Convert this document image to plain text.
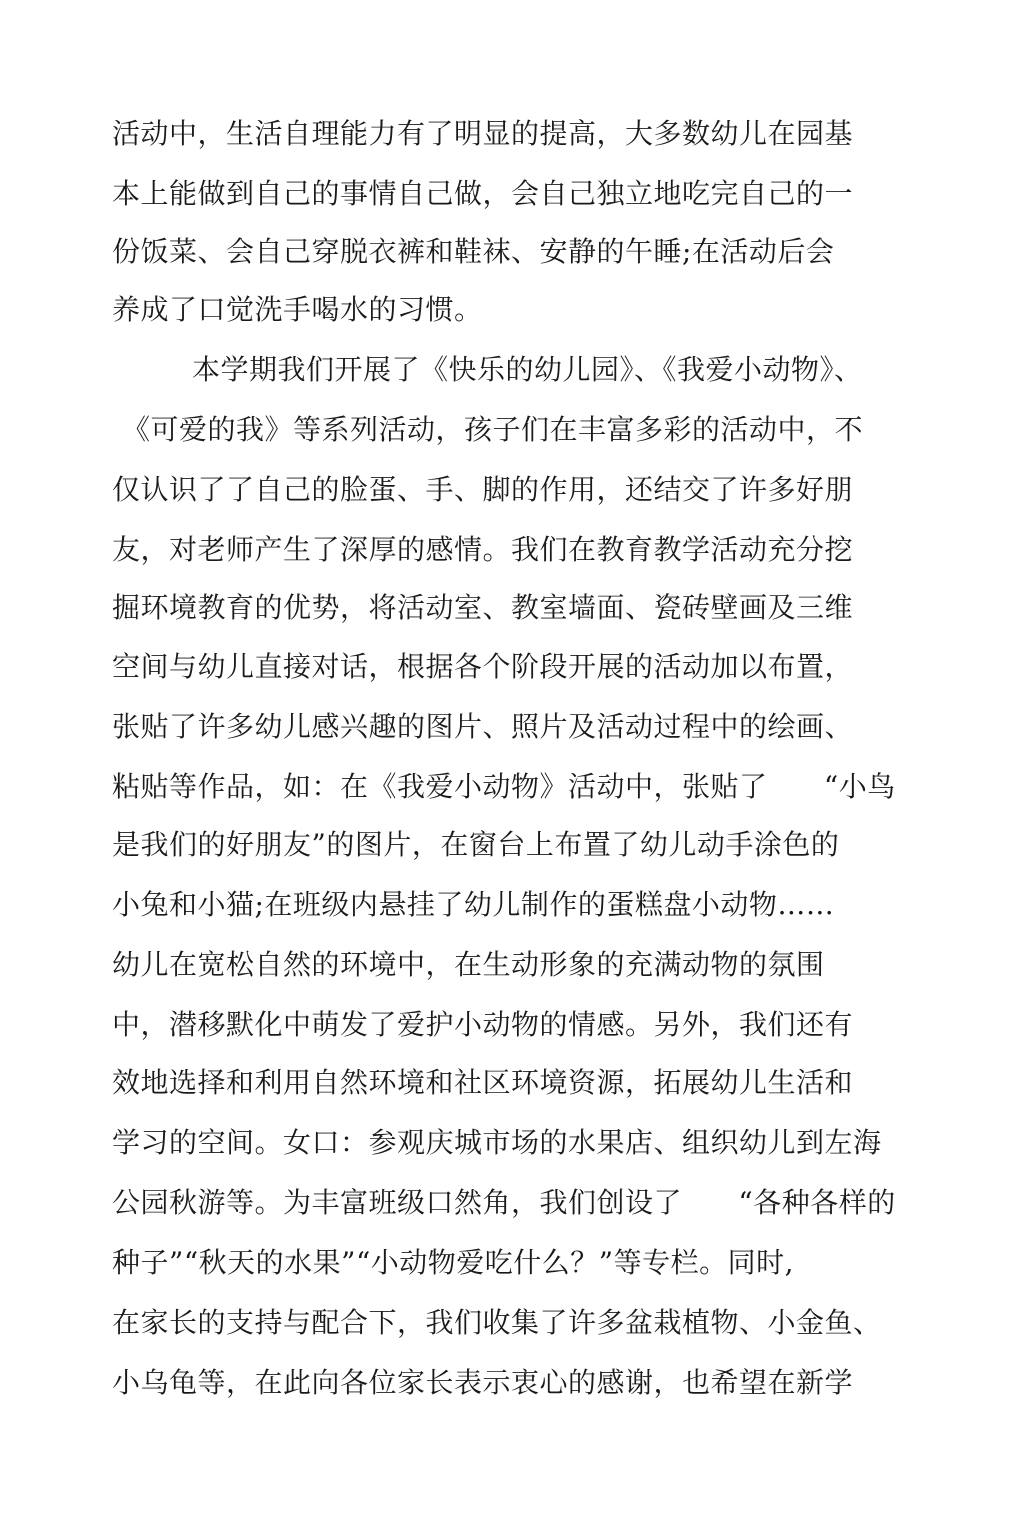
活动中，生活自理能力有了明显的提高，大多数幼儿在园基
本上能做到自己的事情自己做，会自己独立地吃完自己的一
份饭菜、会自己穿脱衣裤和鞋袜、安静的午睡;在活动后会
养成了口觉洗手喝水的习惯。
本学期我们开展了《快乐的幼儿园》、《我爱小动物》、
《可爱的我》等系列活动，孩子们在丰富多彩的活动中，不
仅认识了了自己的脸蛋、手、脚的作用，还结交了许多好朋
友，对老师产生了深厚的感情。我们在教育教学活动充分挖
掘环境教育的优势，将活动室、教室墙面、瓷砖壁画及三维
空间与幼儿直接对话，根据各个阶段开展的活动加以布置，
张贴了许多幼儿感兴趣的图片、照片及活动过程中的绘画、
粘贴等作品，如：在《我爱小动物》活动中，张贴了      “小鸟
是我们的好朋友”的图片，在窗台上布置了幼儿动手涂色的
小兔和小猫;在班级内悬挂了幼儿制作的蛋糕盘小动物……
幼儿在宽松自然的环境中，在生动形象的充满动物的氛围
中，潜移默化中萌发了爱护小动物的情感。另外，我们还有
效地选择和利用自然环境和社区环境资源，拓展幼儿生活和
学习的空间。女口：参观庆城市场的水果店、组织幼儿到左海
公园秋游等。为丰富班级口然角，我们创设了      “各种各样的
种子”“秋天的水果”“小动物爱吃什么？”等专栏。同时,
在家长的支持与配合下，我们收集了许多盆栽植物、小金鱼、
小乌龟等，在此向各位家长表示衷心的感谢，也希望在新学
